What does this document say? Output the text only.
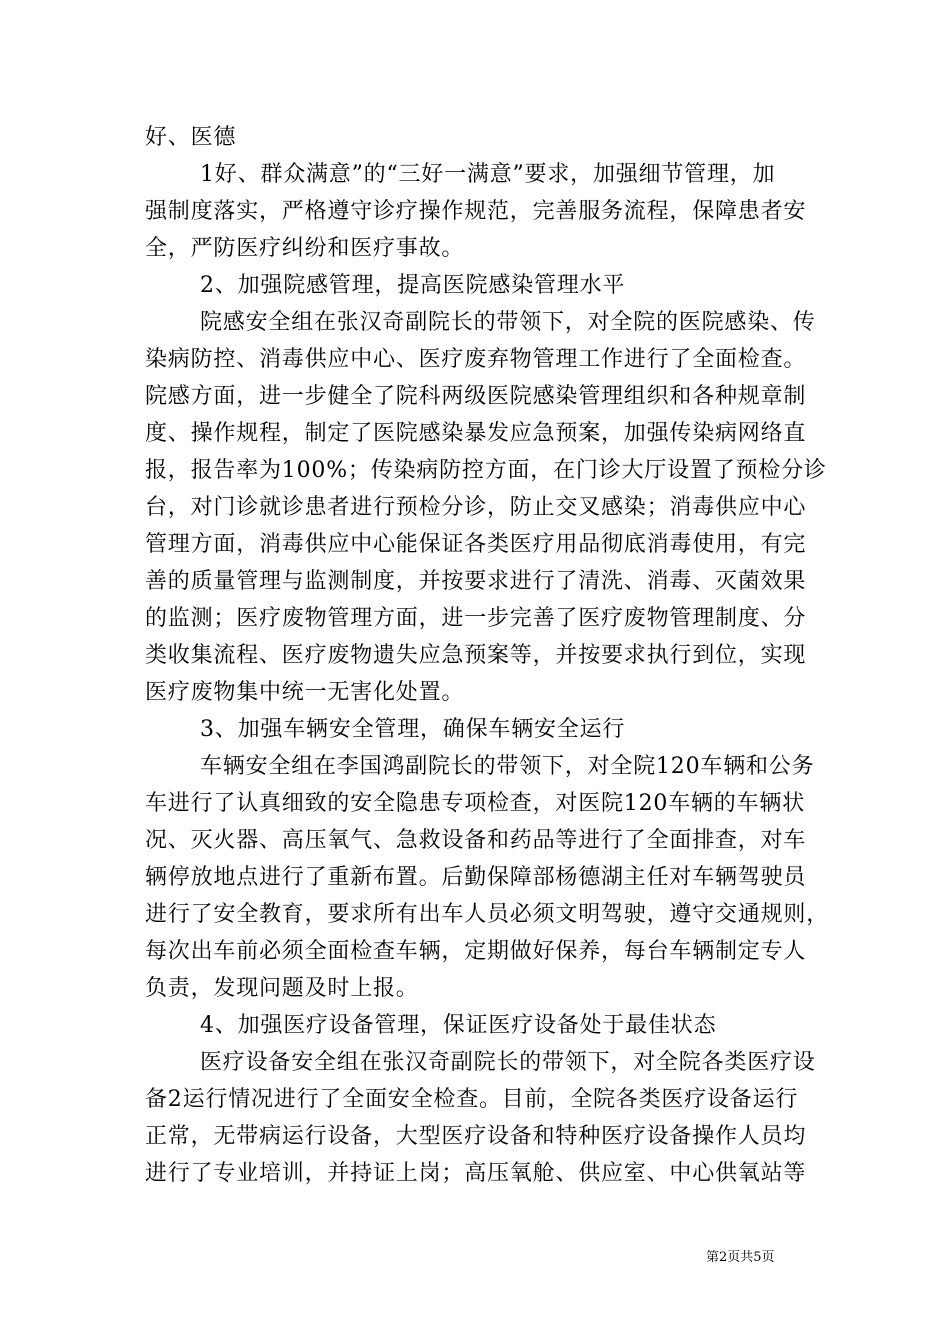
好、医德
1好、群众满意”的“三好一满意”要求，加强细节管理，加
强制度落实，严格遵守诊疗操作规范，完善服务流程，保障患者安
全，严防医疗纠纷和医疗事故。
2、加强院感管理，提高医院感染管理水平
院感安全组在张汉奇副院长的带领下，对全院的医院感染、传
染病防控、消毒供应中心、医疗废弃物管理工作进行了全面检查。
院感方面，进一步健全了院科两级医院感染管理组织和各种规章制
度、操作规程，制定了医院感染暴发应急预案，加强传染病网络直
报，报告率为100%；传染病防控方面，在门诊大厅设置了预检分诊
台，对门诊就诊患者进行预检分诊，防止交叉感染；消毒供应中心
管理方面，消毒供应中心能保证各类医疗用品彻底消毒使用，有完
善的质量管理与监测制度，并按要求进行了清洗、消毒、灭菌效果
的监测；医疗废物管理方面，进一步完善了医疗废物管理制度、分
类收集流程、医疗废物遗失应急预案等，并按要求执行到位，实现
医疗废物集中统一无害化处置。
3、加强车辆安全管理，确保车辆安全运行
车辆安全组在李国鸿副院长的带领下，对全院120车辆和公务
车进行了认真细致的安全隐患专项检查，对医院120车辆的车辆状
况、灭火器、高压氧气、急救设备和药品等进行了全面排查，对车
辆停放地点进行了重新布置。后勤保障部杨德湖主任对车辆驾驶员
进行了安全教育，要求所有出车人员必须文明驾驶，遵守交通规则，
每次出车前必须全面检查车辆，定期做好保养，每台车辆制定专人
负责，发现问题及时上报。
4、加强医疗设备管理，保证医疗设备处于最佳状态
医疗设备安全组在张汉奇副院长的带领下，对全院各类医疗设
备2运行情况进行了全面安全检查。目前，全院各类医疗设备运行
正常，无带病运行设备，大型医疗设备和特种医疗设备操作人员均
进行了专业培训，并持证上岗；高压氧舱、供应室、中心供氧站等
第2页共5页
